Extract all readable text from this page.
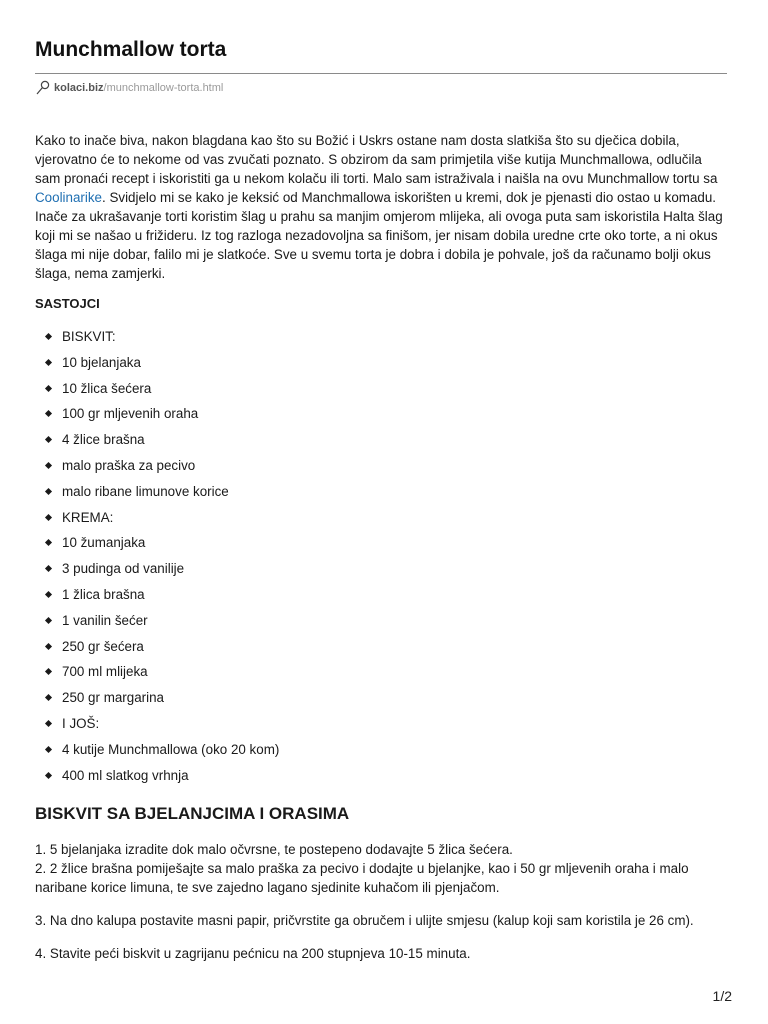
Munchmallow torta
kolaci.biz /munchmallow-torta.html

Kako to inače biva, nakon blagdana kao što su Božić i Uskrs ostane nam dosta slatkiša što su dječica dobila, vjerovatno će to nekome od vas zvučati poznato. S obzirom da sam primjetila više kutija Munchmallowa, odlučila sam pronaći recept i iskoristiti ga u nekom kolaču ili torti. Malo sam istraživala i naišla na ovu Munchmallow tortu sa Coolinarike. Svidjelo mi se kako je keksić od Manchmallowa iskorišten u kremi, dok je pjenasti dio ostao u komadu. Inače za ukrašavanje torti koristim šlag u prahu sa manjim omjerom mlijeka, ali ovoga puta sam iskoristila Halta šlag koji mi se našao u frižideru. Iz tog razloga nezadovoljna sa finišom, jer nisam dobila uredne crte oko torte, a ni okus šlaga mi nije dobar, falilo mi je slatkoće. Sve u svemu torta je dobra i dobila je pohvale, još da računamo bolji okus šlaga, nema zamjerki.

SASTOJCI
BISKVIT:
10 bjelanjaka
10 žlica šećera
100 gr mljevenih oraha
4 žlice brašna
malo praška za pecivo
malo ribane limunove korice
KREMA:
10 žumanjaka
3 pudinga od vanilije
1 žlica brašna
1 vanilin šećer
250 gr šećera
700 ml mlijeka
250 gr margarina
I JOŠ:
4 kutije Munchmallowa (oko 20 kom)
400 ml slatkog vrhnja
BISKVIT SA BJELANJCIMA I ORASIMA

1. 5 bjelanjaka izradite dok malo očvrsne, te postepeno dodavajte 5 žlica šećera.

2. 2 žlice brašna pomiješajte sa malo praška za pecivo i dodajte u bjelanjke, kao i 50 gr mljevenih oraha i malo naribane korice limuna, te sve zajedno lagano sjedinite kuhačom ili pjenjačom.

3. Na dno kalupa postavite masni papir, pričvrstite ga obručem i ulijte smjesu (kalup koji sam koristila je 26 cm).

4. Stavite peći biskvit u zagrijanu pećnicu na 200 stupnjeva 10-15 minuta.

1/2
